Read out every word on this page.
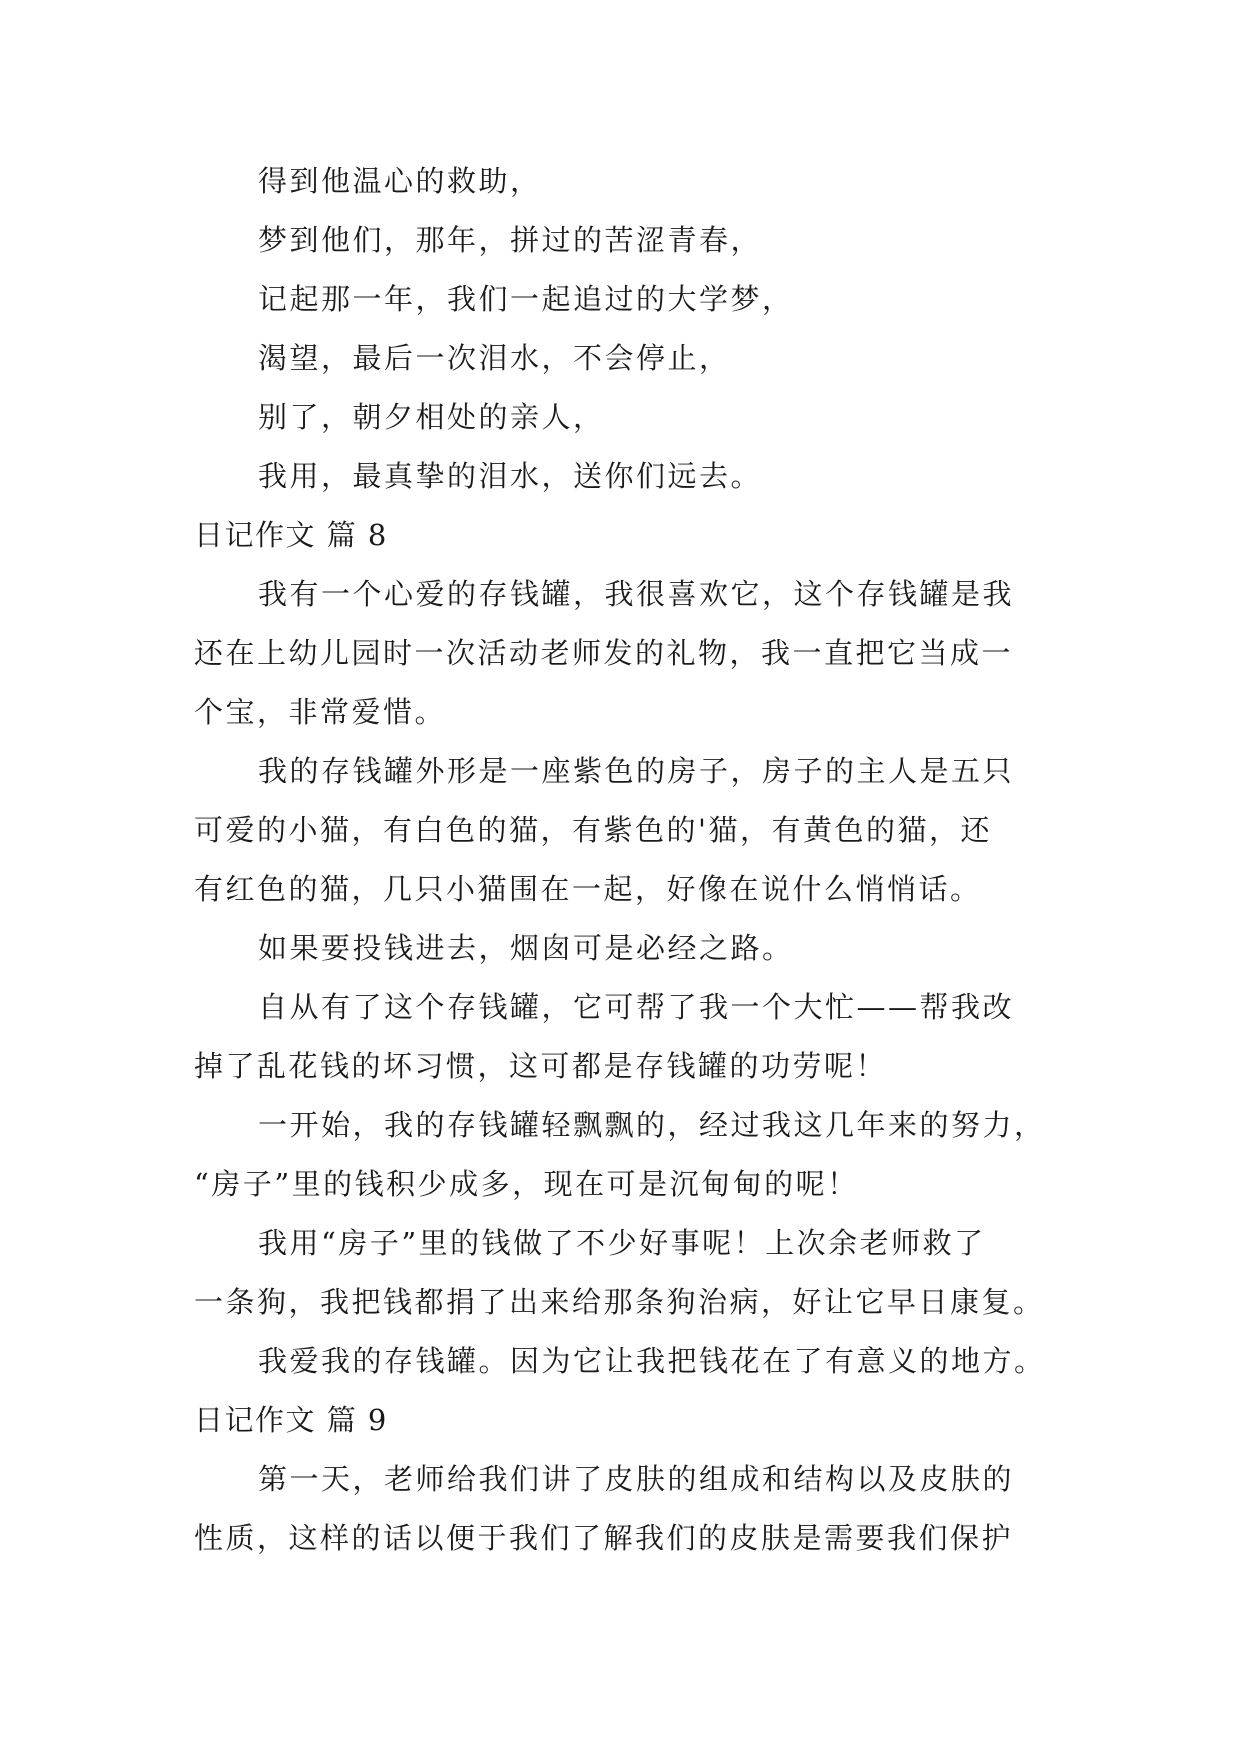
得到他温心的救助，
梦到他们，那年，拼过的苦涩青春，
记起那一年，我们一起追过的大学梦，
渴望，最后一次泪水，不会停止，
别了，朝夕相处的亲人，
我用，最真挚的泪水，送你们远去。
日记作文 篇 8
我有一个心爱的存钱罐，我很喜欢它，这个存钱罐是我
还在上幼儿园时一次活动老师发的礼物，我一直把它当成一
个宝，非常爱惜。
我的存钱罐外形是一座紫色的房子，房子的主人是五只
可爱的小猫，有白色的猫，有紫色的'猫，有黄色的猫，还
有红色的猫，几只小猫围在一起，好像在说什么悄悄话。
如果要投钱进去，烟囱可是必经之路。
自从有了这个存钱罐，它可帮了我一个大忙——帮我改
掉了乱花钱的坏习惯，这可都是存钱罐的功劳呢！
一开始，我的存钱罐轻飘飘的，经过我这几年来的努力，
“房子”里的钱积少成多，现在可是沉甸甸的呢！
我用“房子”里的钱做了不少好事呢！上次余老师救了
一条狗，我把钱都捐了出来给那条狗治病，好让它早日康复。
我爱我的存钱罐。因为它让我把钱花在了有意义的地方。
日记作文 篇 9
第一天，老师给我们讲了皮肤的组成和结构以及皮肤的
性质，这样的话以便于我们了解我们的皮肤是需要我们保护
